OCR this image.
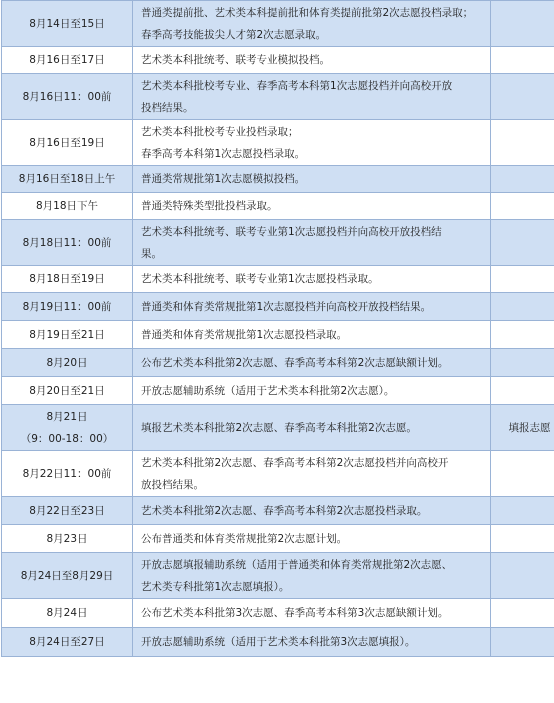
8月14日至15日	普通类提前批、艺术类本科提前批和体育类提前批第2次志愿投档录取；
春季高考技能拔尖人才第2次志愿录取。	

8月16日至17日	艺术类本科批统考、联考专业模拟投档。	

8月16日11：00前	艺术类本科批校考专业、春季高考本科第1次志愿投档并向高校开放
投档结果。	

8月16日至19日	艺术类本科批校考专业投档录取；
春季高考本科第1次志愿投档录取。	

8月16日至18日上午	普通类常规批第1次志愿模拟投档。	

8月18日下午	普通类特殊类型批投档录取。	

8月18日11：00前	艺术类本科批统考、联考专业第1次志愿投档并向高校开放投档结
果。	

8月18日至19日	艺术类本科批统考、联考专业第1次志愿投档录取。	

8月19日11：00前	普通类和体育类常规批第1次志愿投档并向高校开放投档结果。	

8月19日至21日	普通类和体育类常规批第1次志愿投档录取。	

8月20日	公布艺术类本科批第2次志愿、春季高考本科第2次志愿缺额计划。	

8月20日至21日	开放志愿辅助系统（适用于艺术类本科批第2次志愿）。	

8月21日
（9：00-18：00）	填报艺术类本科批第2次志愿、春季高考本科批第2次志愿。	填报志愿

8月22日11：00前	艺术类本科批第2次志愿、春季高考本科第2次志愿投档并向高校开
放投档结果。	

8月22日至23日	艺术类本科批第2次志愿、春季高考本科第2次志愿投档录取。	

8月23日	公布普通类和体育类常规批第2次志愿计划。	

8月24日至8月29日	开放志愿填报辅助系统（适用于普通类和体育类常规批第2次志愿、
艺术类专科批第1次志愿填报）。	

8月24日	公布艺术类本科批第3次志愿、春季高考本科第3次志愿缺额计划。	

8月24日至27日	开放志愿辅助系统（适用于艺术类本科批第3次志愿填报）。	
